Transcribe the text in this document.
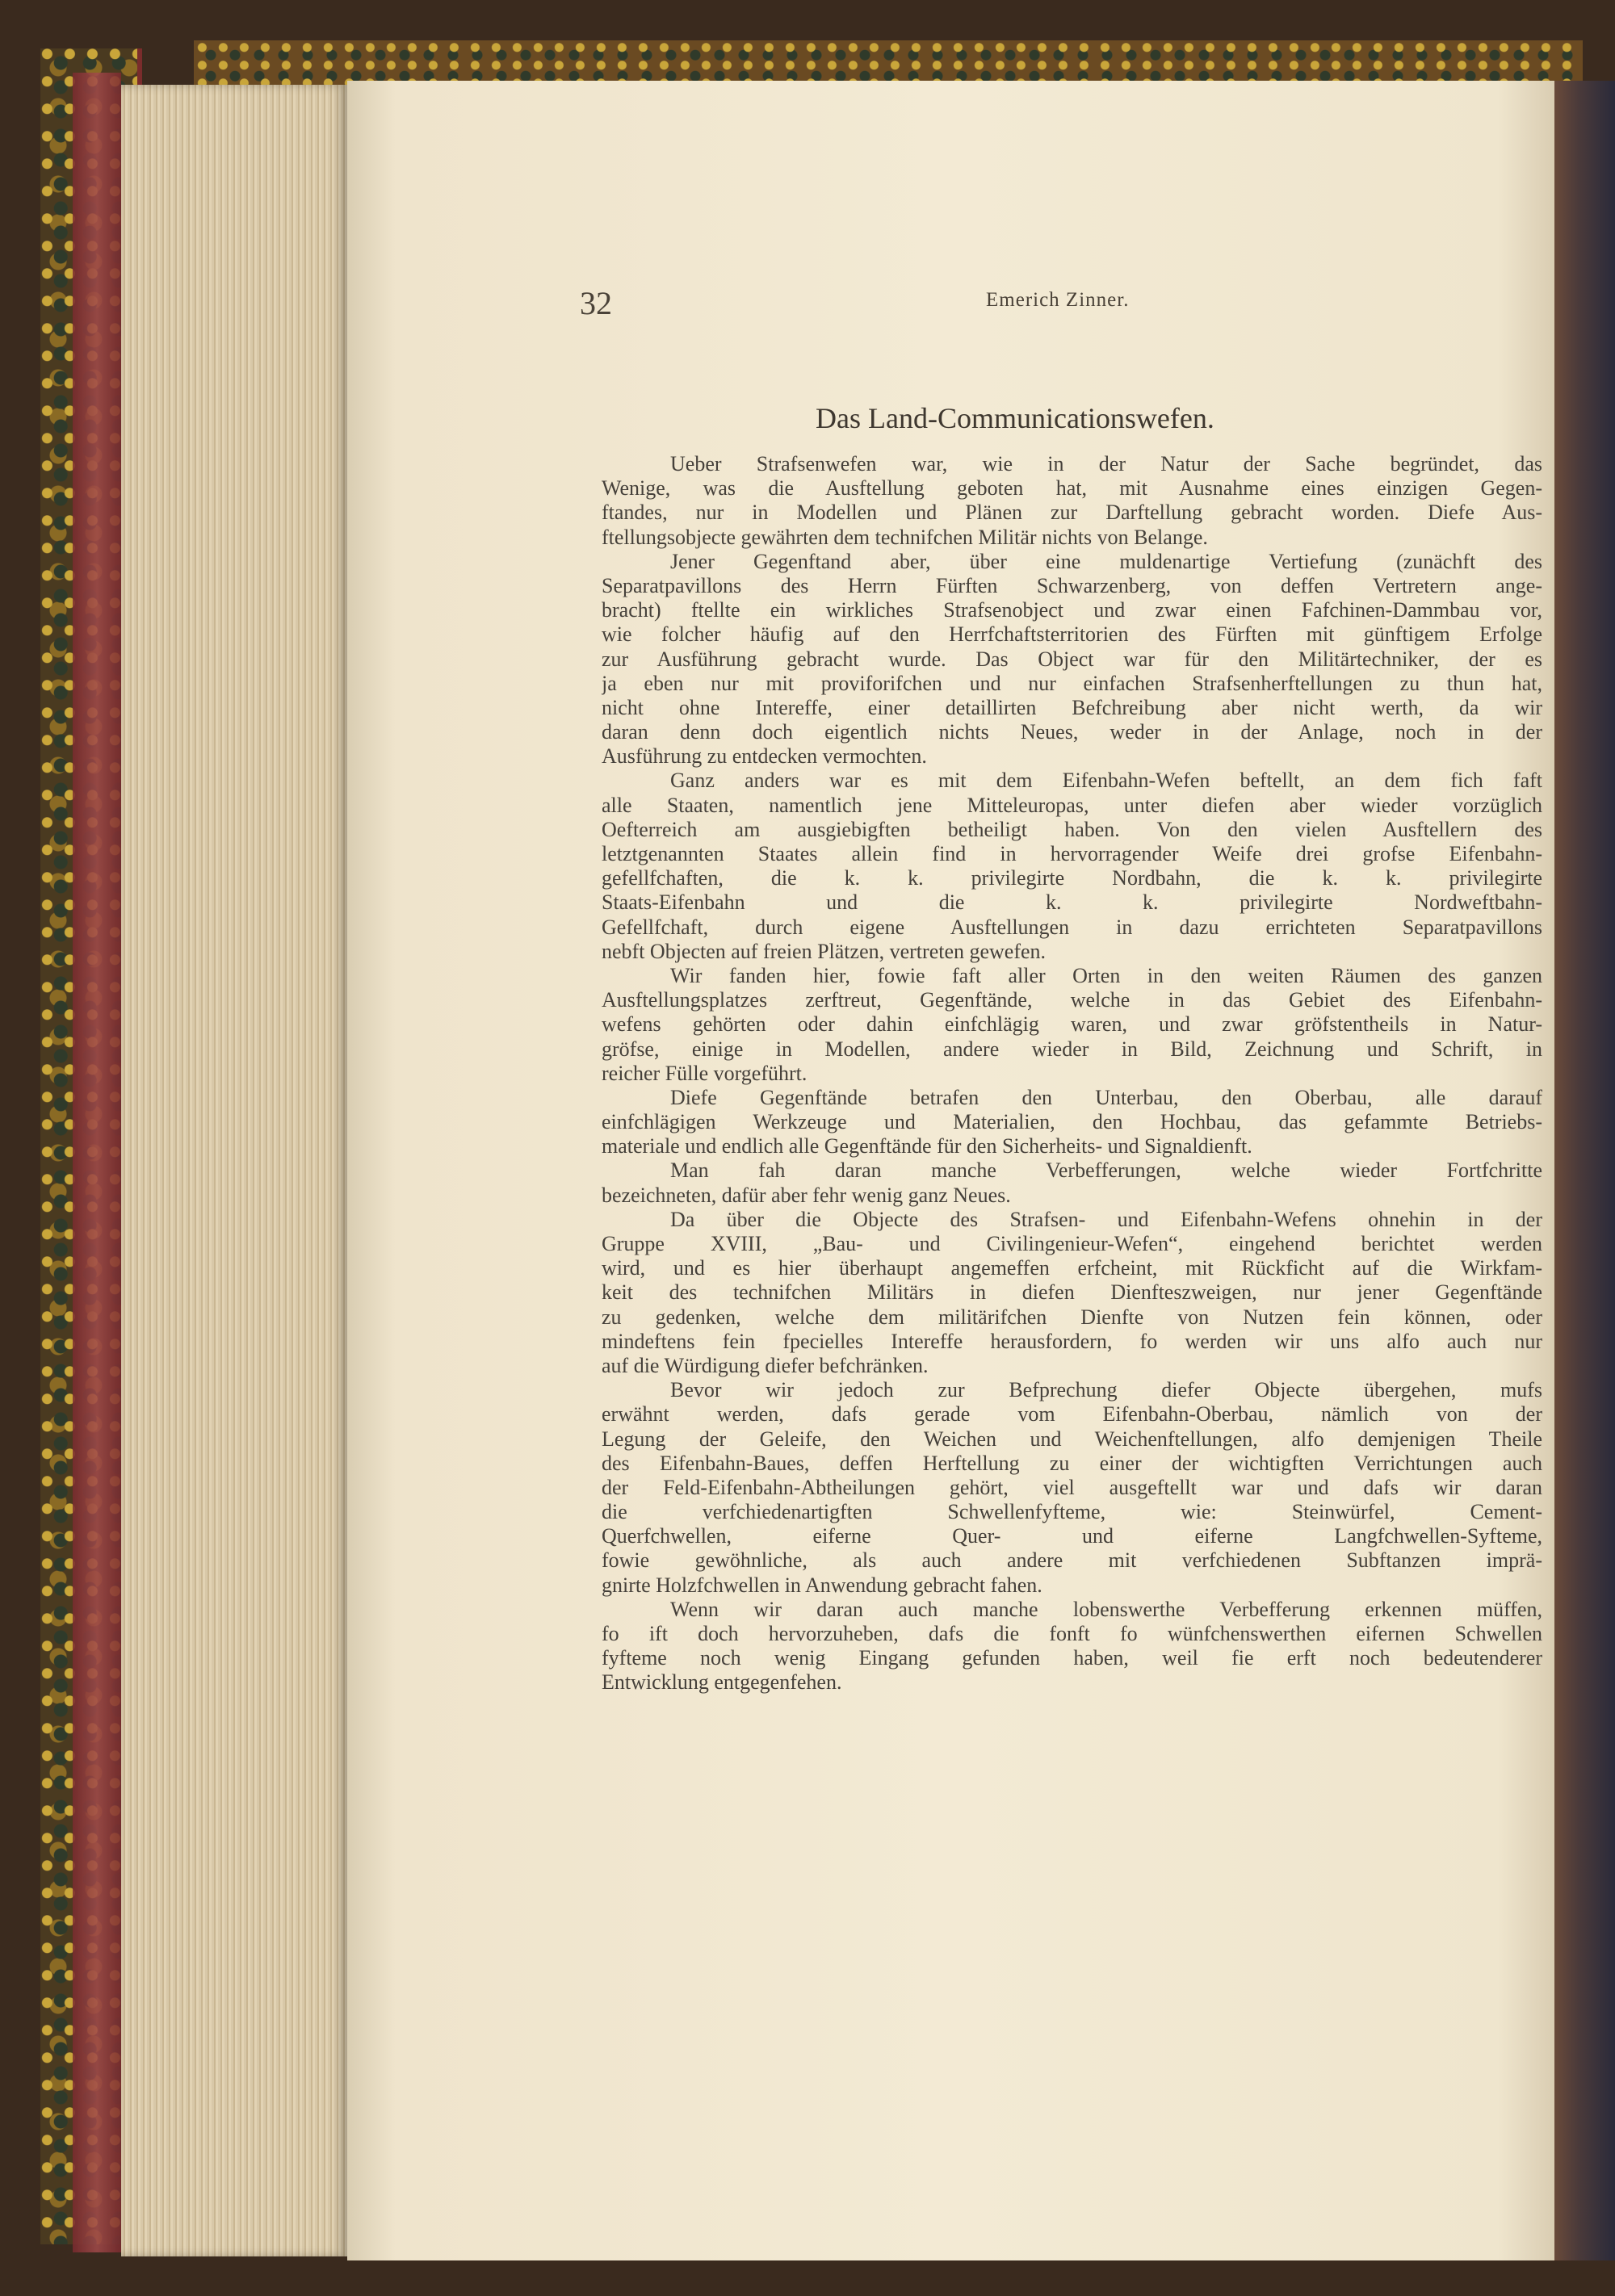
32	Emerich Zinner.
Das Land-Communicationswefen.
Ueber Strafsenwefen war, wie in der Natur der Sache begründet, das
Wenige, was die Ausftellung geboten hat, mit Ausnahme eines einzigen Gegen-
ftandes, nur in Modellen und Plänen zur Darftellung gebracht worden. Diefe Aus-
ftellungsobjecte gewährten dem technifchen Militär nichts von Belange.
Jener Gegenftand aber, über eine muldenartige Vertiefung (zunächft des
Separatpavillons des Herrn Fürften Schwarzenberg, von deffen Vertretern ange-
bracht) ftellte ein wirkliches Strafsenobject und zwar einen Fafchinen-Dammbau vor,
wie folcher häufig auf den Herrfchaftsterritorien des Fürften mit günftigem Erfolge
zur Ausführung gebracht wurde. Das Object war für den Militärtechniker, der es
ja eben nur mit proviforifchen und nur einfachen Strafsenherftellungen zu thun hat,
nicht ohne Intereffe, einer detaillirten Befchreibung aber nicht werth, da wir
daran denn doch eigentlich nichts Neues, weder in der Anlage, noch in der
Ausführung zu entdecken vermochten.
Ganz anders war es mit dem Eifenbahn-Wefen beftellt, an dem fich faft
alle Staaten, namentlich jene Mitteleuropas, unter diefen aber wieder vorzüglich
Oefterreich am ausgiebigften betheiligt haben. Von den vielen Ausftellern des
letztgenannten Staates allein find in hervorragender Weife drei grofse Eifenbahn-
gefellfchaften, die k. k. privilegirte Nordbahn, die k. k. privilegirte
Staats-Eifenbahn und die k. k. privilegirte Nordweftbahn-
Gefellfchaft, durch eigene Ausftellungen in dazu errichteten Separatpavillons
nebft Objecten auf freien Plätzen, vertreten gewefen.
Wir fanden hier, fowie faft aller Orten in den weiten Räumen des ganzen
Ausftellungsplatzes zerftreut, Gegenftände, welche in das Gebiet des Eifenbahn-
wefens gehörten oder dahin einfchlägig waren, und zwar gröfstentheils in Natur-
gröfse, einige in Modellen, andere wieder in Bild, Zeichnung und Schrift, in
reicher Fülle vorgeführt.
Diefe Gegenftände betrafen den Unterbau, den Oberbau, alle darauf
einfchlägigen Werkzeuge und Materialien, den Hochbau, das gefammte Betriebs-
materiale und endlich alle Gegenftände für den Sicherheits- und Signaldienft.
Man fah daran manche Verbefferungen, welche wieder Fortfchritte
bezeichneten, dafür aber fehr wenig ganz Neues.
Da über die Objecte des Strafsen- und Eifenbahn-Wefens ohnehin in der
Gruppe XVIII, „Bau- und Civilingenieur-Wefen“, eingehend berichtet werden
wird, und es hier überhaupt angemeffen erfcheint, mit Rückficht auf die Wirkfam-
keit des technifchen Militärs in diefen Dienfteszweigen, nur jener Gegenftände
zu gedenken, welche dem militärifchen Dienfte von Nutzen fein können, oder
mindeftens fein fpecielles Intereffe herausfordern, fo werden wir uns alfo auch nur
auf die Würdigung diefer befchränken.
Bevor wir jedoch zur Befprechung diefer Objecte übergehen, mufs
erwähnt werden, dafs gerade vom Eifenbahn-Oberbau, nämlich von der
Legung der Geleife, den Weichen und Weichenftellungen, alfo demjenigen Theile
des Eifenbahn-Baues, deffen Herftellung zu einer der wichtigften Verrichtungen auch
der Feld-Eifenbahn-Abtheilungen gehört, viel ausgeftellt war und dafs wir daran
die verfchiedenartigften Schwellenfyfteme, wie: Steinwürfel, Cement-
Querfchwellen, eiferne Quer- und eiferne Langfchwellen-Syfteme,
fowie gewöhnliche, als auch andere mit verfchiedenen Subftanzen imprä-
gnirte Holzfchwellen in Anwendung gebracht fahen.
Wenn wir daran auch manche lobenswerthe Verbefferung erkennen müffen,
fo ift doch hervorzuheben, dafs die fonft fo wünfchenswerthen eifernen Schwellen
fyfteme noch wenig Eingang gefunden haben, weil fie erft noch bedeutenderer
Entwicklung entgegenfehen.
